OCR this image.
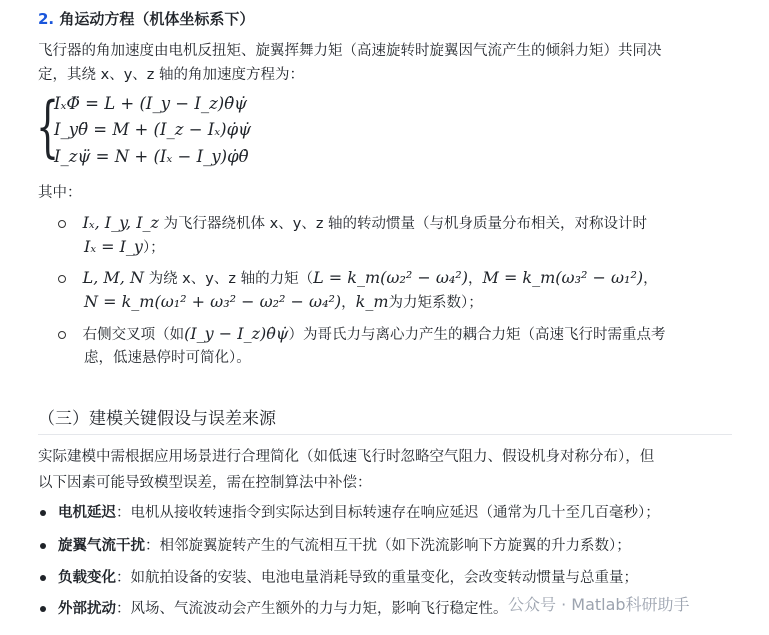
2. 角运动方程（机体坐标系下）
飞行器的角加速度由电机反扭矩、旋翼挥舞力矩（高速旋转时旋翼因气流产生的倾斜力矩）共同决
定，其绕 x、y、z 轴的角加速度方程为：
{
IₓΦ̈ = L + (I_y − I_z)θ̇ψ̇
I_yθ̈ = M + (I_z − Iₓ)φ̇ψ̇
I_zψ̈ = N + (Iₓ − I_y)φ̇θ̇
其中：
Iₓ, I_y, I_z 为飞行器绕机体 x、y、z 轴的转动惯量（与机身质量分布相关，对称设计时
Iₓ = I_y）；
L, M, N 为绕 x、y、z 轴的力矩（L = k_m(ω₂² − ω₄²)，M = k_m(ω₃² − ω₁²)，
N = k_m(ω₁² + ω₃² − ω₂² − ω₄²)，k_m为力矩系数）；
右侧交叉项（如(I_y − I_z)θ̇ψ̇）为哥氏力与离心力产生的耦合力矩（高速飞行时需重点考
虑，低速悬停时可简化）。
（三）建模关键假设与误差来源
实际建模中需根据应用场景进行合理简化（如低速飞行时忽略空气阻力、假设机身对称分布），但
以下因素可能导致模型误差，需在控制算法中补偿：
电机延迟：电机从接收转速指令到实际达到目标转速存在响应延迟（通常为几十至几百毫秒）；
旋翼气流干扰：相邻旋翼旋转产生的气流相互干扰（如下洗流影响下方旋翼的升力系数）；
负载变化：如航拍设备的安装、电池电量消耗导致的重量变化，会改变转动惯量与总重量；
外部扰动：风场、气流波动会产生额外的力与力矩，影响飞行稳定性。 公众号 · Matlab科研助手
